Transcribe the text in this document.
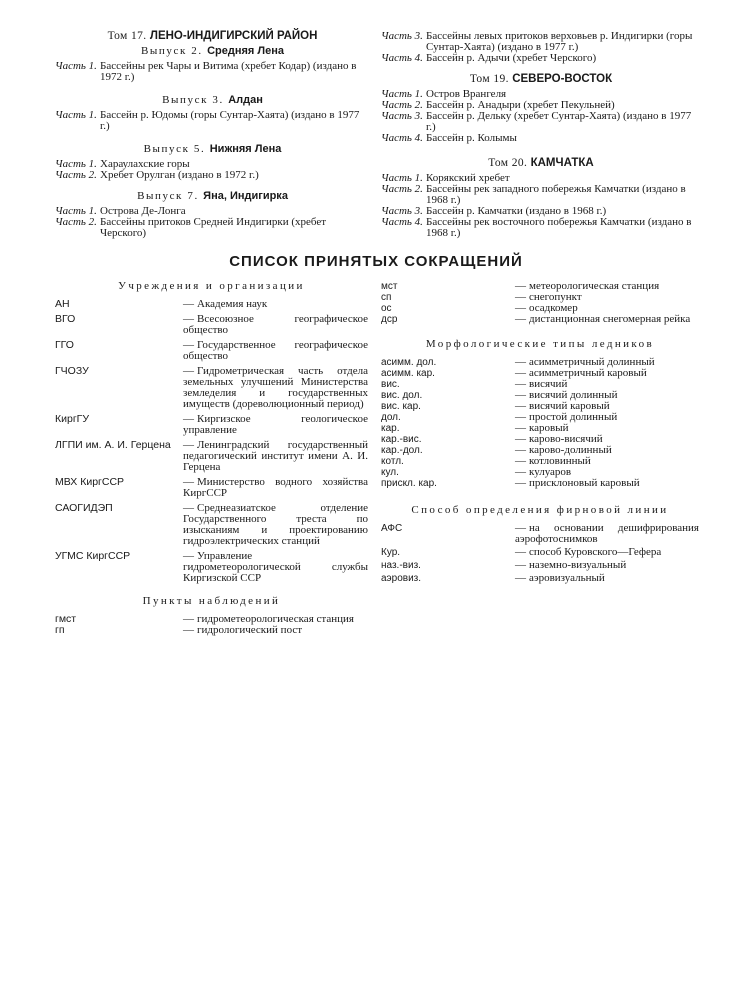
Том 17. ЛЕНО-ИНДИГИРСКИЙ РАЙОН
Выпуск 2. Средняя Лена
Часть 1. Бассейны рек Чары и Витима (хребет Кодар) (издано в 1972 г.)
Выпуск 3. Алдан
Часть 1. Бассейн р. Юдомы (горы Сунтар-Хаята) (издано в 1977 г.)
Выпуск 5. Нижняя Лена
Часть 1. Хараулахские горы
Часть 2. Хребет Орулган (издано в 1972 г.)
Выпуск 7. Яна, Индигирка
Часть 1. Острова Де-Лонга
Часть 2. Бассейны притоков Средней Индигирки (хребет Черского)
Часть 3. Бассейны левых притоков верховьев р. Индигирки (горы Сунтар-Хаята) (издано в 1977 г.)
Часть 4. Бассейн р. Адычи (хребет Черского)
Том 19. СЕВЕРО-ВОСТОК
Часть 1. Остров Врангеля
Часть 2. Бассейн р. Анадыри (хребет Пекульней)
Часть 3. Бассейн р. Дельку (хребет Сунтар-Хаята) (издано в 1977 г.)
Часть 4. Бассейн р. Колымы
Том 20. КАМЧАТКА
Часть 1. Корякский хребет
Часть 2. Бассейны рек западного побережья Камчатки (издано в 1968 г.)
Часть 3. Бассейн р. Камчатки (издано в 1968 г.)
Часть 4. Бассейны рек восточного побережья Камчатки (издано в 1968 г.)
СПИСОК ПРИНЯТЫХ СОКРАЩЕНИЙ
Учреждения и организации
АН	— Академия наук
ВГО	— Всесоюзное географическое общество
ГГО	— Государственное географическое общество
ГЧОЗУ	— Гидрометрическая часть отдела земельных улучшений Министерства земледелия и государственных имуществ (дореволюционный период)
КиргГУ	— Киргизское геологическое управление
ЛГПИ им. А. И. Герцена	— Ленинградский государственный педагогический институт имени А. И. Герцена
МВХ КиргССР	— Министерство водного хозяйства КиргССР
САОГИДЭП	— Среднеазиатское отделение Государственного треста по изысканиям и проектированию гидроэлектрических станций
УГМС КиргССР	— Управление гидрометеорологической службы Киргизской ССР
Пункты наблюдений
гмст	— гидрометеорологическая станция
гп	— гидрологический пост
мст	— метеорологическая станция
сп	— снегопункт
ос	— осадкомер
дср	— дистанционная снегомерная рейка
Морфологические типы ледников
асимм. дол.	— асимметричный долинный
асимм. кар.	— асимметричный каровый
вис.	— висячий
вис. дол.	— висячий долинный
вис. кар.	— висячий каровый
дол.	— простой долинный
кар.	— каровый
кар.-вис.	— карово-висячий
кар.-дол.	— карово-долинный
котл.	— котловинный
кул.	— кулуаров
прискл. кар.	— присклоновый каровый
Способ определения фирновой линии
АФС	— на основании дешифрирования аэрофотоснимков
Кур.	— способ Куровского—Гефера
наз.-виз.	— наземно-визуальный
аэровиз.	— аэровизуальный
